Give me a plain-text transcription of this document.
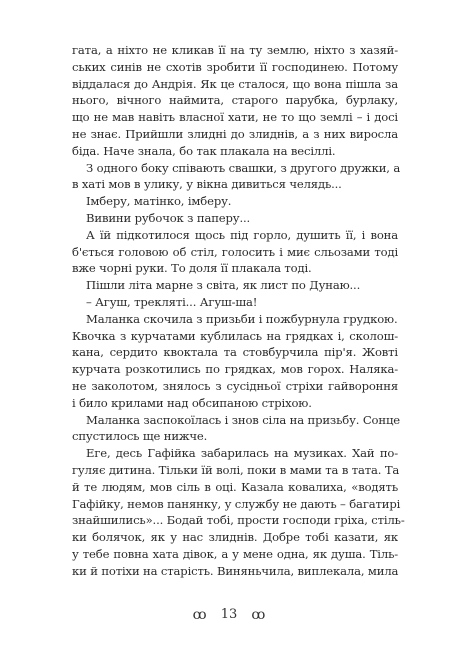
гата, а ніхто не кликав її на ту землю, ніхто з хазяй-
ських синів не схотів зробити її господинею. Потому
віддалася до Андрія. Як це сталося, що вона пішла за
нього, вічного наймита, старого парубка, бурлаку,
що не мав навіть власної хати, не то що землі – і досі
не знає. Прийшли злидні до злиднів, а з них виросла
біда. Наче знала, бо так плакала на весіллі.
З одного боку співають свашки, з другого дружки, а
в хаті мов в улику, у вікна дивиться челядь...
Імберу, матінко, імберу.
Вивини рубочок з паперу...
А їй підкотилося щось під горло, душить її, і вона
б'ється головою об стіл, голосить і миє сльозами тоді
вже чорні руки. То доля її плакала тоді.
Пішли літа марне з світа, як лист по Дунаю...
– Агуш, трекляті... Агуш-ша!
Маланка скочила з призьби і пожбурнула грудкою.
Квочка з курчатами кублилась на грядках і, сколош-
кана, сердито квоктала та стовбурчила пір'я. Жовті
курчата розкотились по грядках, мов горох. Наляка-
не заколотом, знялось з сусідньої стріхи гайвороння
і било крилами над обсипаною стріхою.
Маланка заспокоїлась і знов сіла на призьбу. Сонце
спустилось ще нижче.
Еге, десь Гафійка забарилась на музиках. Хай по-
гуляє дитина. Тільки їй волі, поки в мами та в тата. Та
й те людям, мов сіль в оці. Казала ковалиха, «водять
Гафійку, немов панянку, у службу не дають – багатирі
знайшились»... Бодай тобі, прости господи гріха, стіль-
ки болячок, як у нас злиднів. Добре тобі казати, як
у тебе повна хата дівок, а у мене одна, як душа. Тіль-
ки й потіхи на старість. Виняньчила, виплекала, мила
ꝏ 13 ꝏ
